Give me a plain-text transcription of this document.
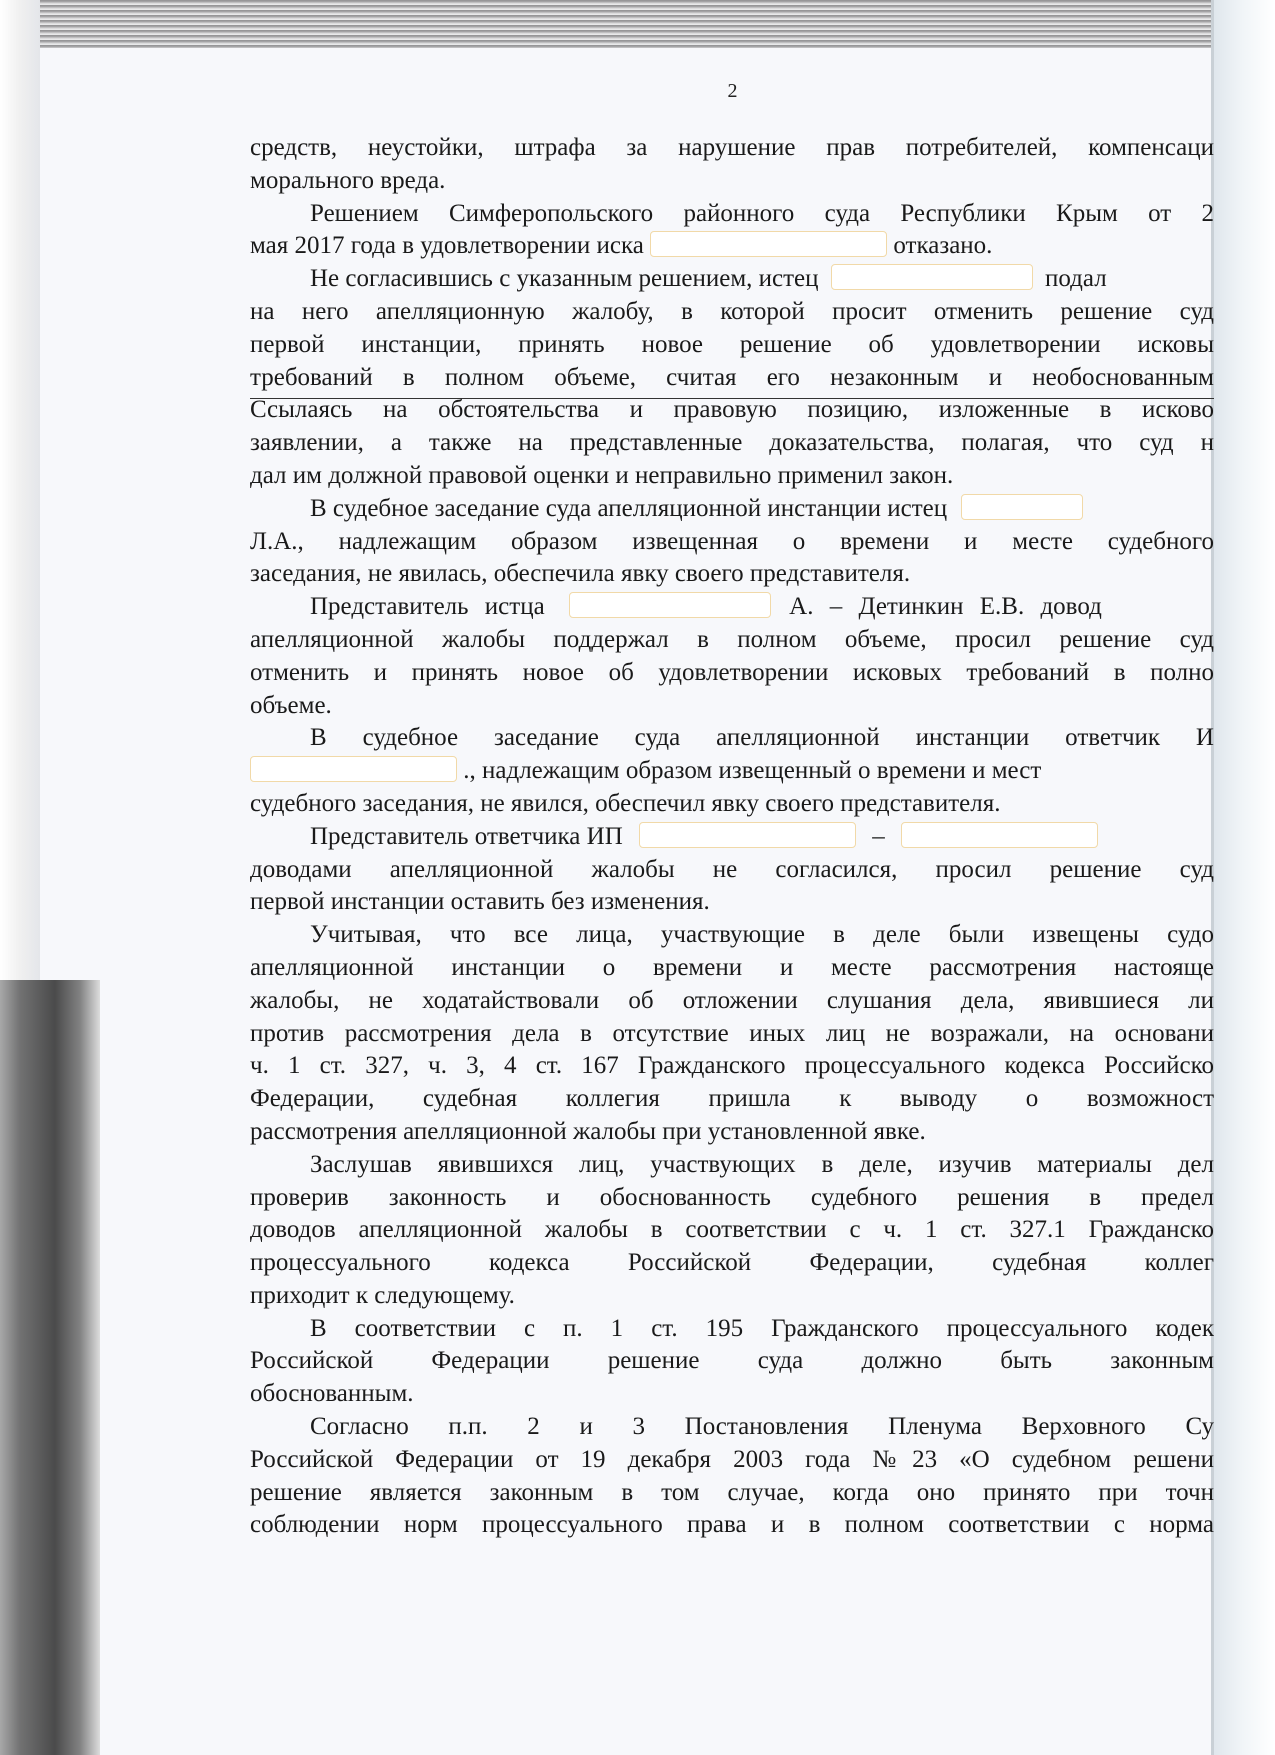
2
средств, неустойки, штрафа за нарушение прав потребителей, компенсаци
морального вреда.
Решением Симферопольского районного суда Республики Крым от 2
мая 2017 года в удовлетворении иска	отказано.
Не согласившись с указанным решением, истец	подал
на него апелляционную жалобу, в которой просит отменить решение суд
первой инстанции, принять новое решение об удовлетворении исковы
требований в полном объеме, считая его незаконным и необоснованным
Ссылаясь на обстоятельства и правовую позицию, изложенные в исково
заявлении, а также на представленные доказательства, полагая, что суд н
дал им должной правовой оценки и неправильно применил закон.
В судебное заседание суда апелляционной инстанции истец
Л.А., надлежащим образом извещенная о времени и месте судебного
заседания, не явилась, обеспечила явку своего представителя.
Представитель истца	А. – Детинкин Е.В. довод
апелляционной жалобы поддержал в полном объеме, просил решение суд
отменить и принять новое об удовлетворении исковых требований в полно
объеме.
В судебное заседание суда апелляционной инстанции ответчик И
., надлежащим образом извещенный о времени и мест
судебного заседания, не явился, обеспечил явку своего представителя.
Представитель ответчика ИП	–
доводами апелляционной жалобы не согласился, просил решение суд
первой инстанции оставить без изменения.
Учитывая, что все лица, участвующие в деле были извещены судо
апелляционной инстанции о времени и месте рассмотрения настояще
жалобы, не ходатайствовали об отложении слушания дела, явившиеся ли
против рассмотрения дела в отсутствие иных лиц не возражали, на основани
ч. 1 ст. 327, ч. 3, 4 ст. 167 Гражданского процессуального кодекса Российско
Федерации, судебная коллегия пришла к выводу о возможност
рассмотрения апелляционной жалобы при установленной явке.
Заслушав явившихся лиц, участвующих в деле, изучив материалы дел
проверив законность и обоснованность судебного решения в предел
доводов апелляционной жалобы в соответствии с ч. 1 ст. 327.1 Гражданско
процессуального кодекса Российской Федерации, судебная коллег
приходит к следующему.
В соответствии с п. 1 ст. 195 Гражданского процессуального кодек
Российской Федерации решение суда должно быть законным
обоснованным.
Согласно п.п. 2 и 3 Постановления Пленума Верховного Су
Российской Федерации от 19 декабря 2003 года №23 «О судебном решени
решение является законным в том случае, когда оно принято при точн
соблюдении норм процессуального права и в полном соответствии с норма
